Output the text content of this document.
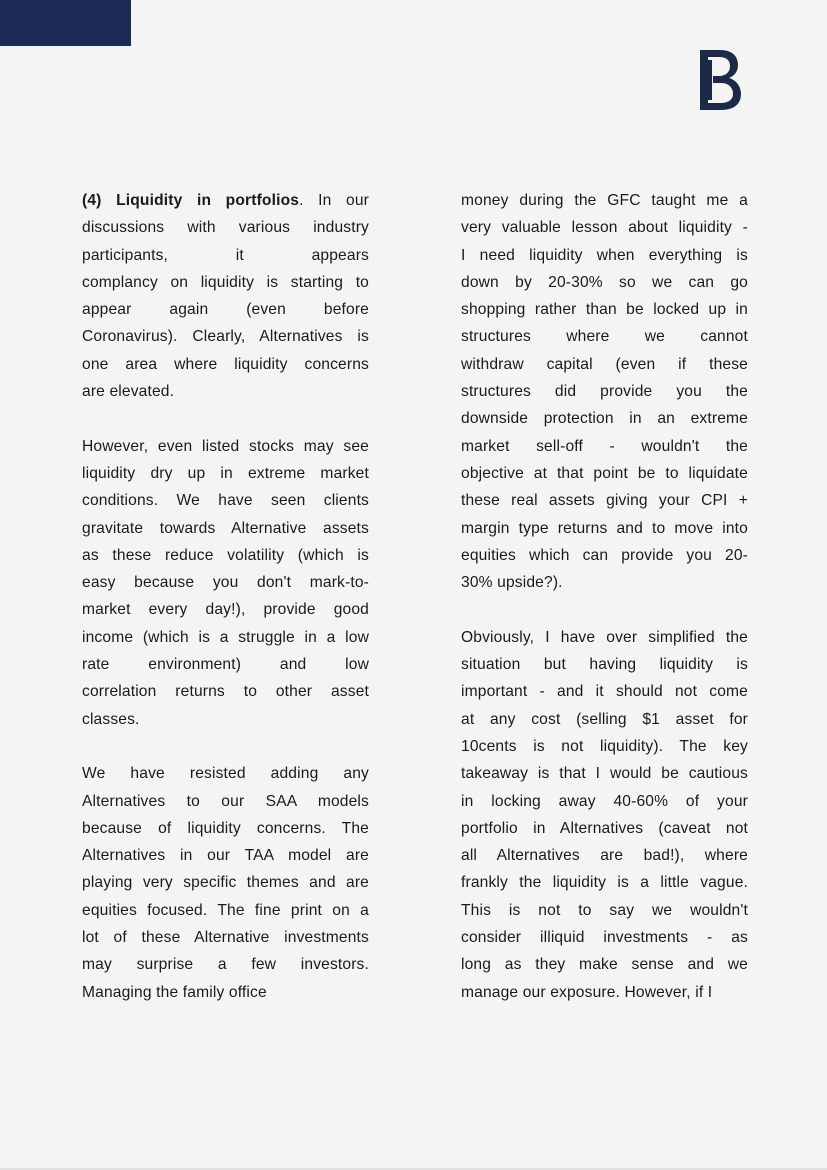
(4) Liquidity in portfolios. In our
discussions with various industry
participants, it appears
complancy on liquidity is starting to
appear again (even before
Coronavirus). Clearly, Alternatives is
one area where liquidity concerns
are elevated.
However, even listed stocks may see
liquidity dry up in extreme market
conditions. We have seen clients
gravitate towards Alternative assets
as these reduce volatility (which is
easy because you don't mark-to-
market every day!), provide good
income (which is a struggle in a low
rate environment) and low
correlation returns to other asset
classes.
We have resisted adding any
Alternatives to our SAA models
because of liquidity concerns. The
Alternatives in our TAA model are
playing very specific themes and are
equities focused. The fine print on a
lot of these Alternative investments
may surprise a few investors.
Managing the family office
money during the GFC taught me a
very valuable lesson about liquidity -
I need liquidity when everything is
down by 20-30% so we can go
shopping rather than be locked up in
structures where we cannot
withdraw capital (even if these
structures did provide you the
downside protection in an extreme
market sell-off - wouldn't the
objective at that point be to liquidate
these real assets giving your CPI +
margin type returns and to move into
equities which can provide you 20-
30% upside?).
Obviously, I have over simplified the
situation but having liquidity is
important - and it should not come
at any cost (selling $1 asset for
10cents is not liquidity). The key
takeaway is that I would be cautious
in locking away 40-60% of your
portfolio in Alternatives (caveat not
all Alternatives are bad!), where
frankly the liquidity is a little vague.
This is not to say we wouldn't
consider illiquid investments - as
long as they make sense and we
manage our exposure. However, if I
